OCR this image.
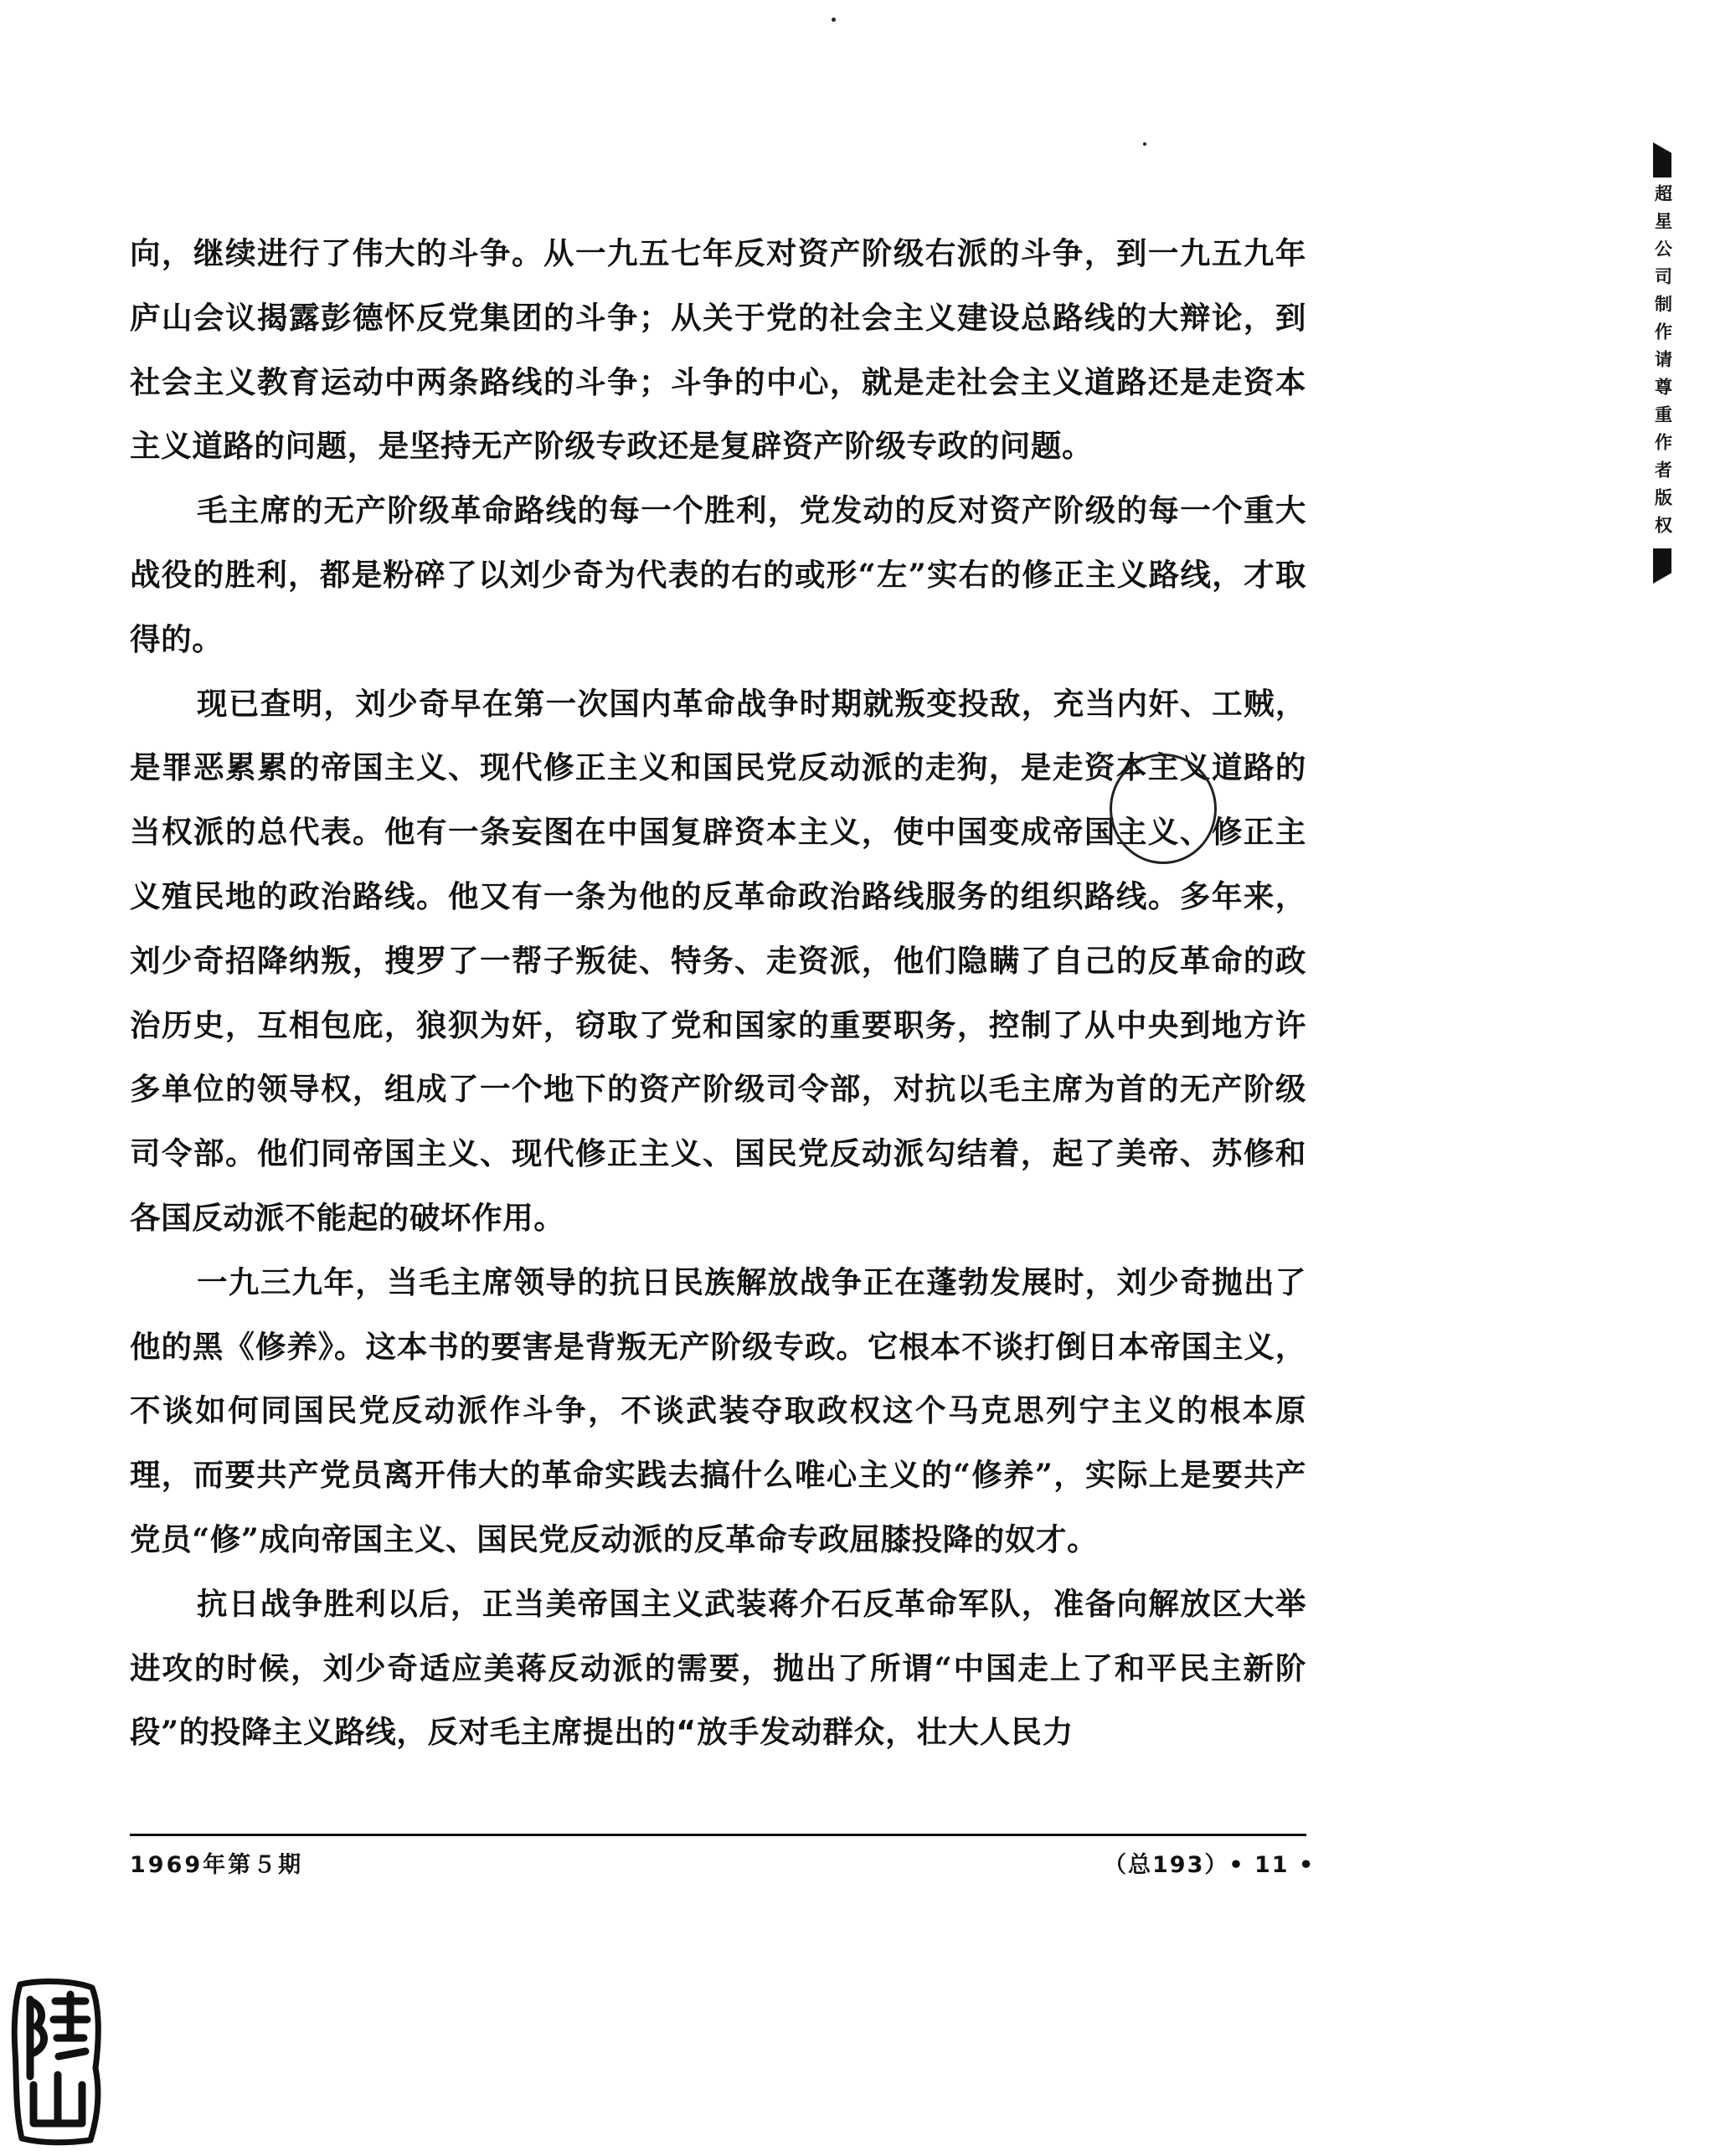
向，继续进行了伟大的斗争。从一九五七年反对资产阶级右派的斗争，到一九五九年庐山会议揭露彭德怀反党集团的斗争；从关于党的社会主义建设总路线的大辩论，到社会主义教育运动中两条路线的斗争；斗争的中心，就是走社会主义道路还是走资本主义道路的问题，是坚持无产阶级专政还是复辟资产阶级专政的问题。

毛主席的无产阶级革命路线的每一个胜利，党发动的反对资产阶级的每一个重大战役的胜利，都是粉碎了以刘少奇为代表的右的或形“左”实右的修正主义路线，才取得的。

现已查明，刘少奇早在第一次国内革命战争时期就叛变投敌，充当内奸、工贼，是罪恶累累的帝国主义、现代修正主义和国民党反动派的走狗，是走资本主义道路的当权派的总代表。他有一条妄图在中国复辟资本主义，使中国变成帝国主义、修正主义殖民地的政治路线。他又有一条为他的反革命政治路线服务的组织路线。多年来，刘少奇招降纳叛，搜罗了一帮子叛徒、特务、走资派，他们隐瞒了自己的反革命的政治历史，互相包庇，狼狈为奸，窃取了党和国家的重要职务，控制了从中央到地方许多单位的领导权，组成了一个地下的资产阶级司令部，对抗以毛主席为首的无产阶级司令部。他们同帝国主义、现代修正主义、国民党反动派勾结着，起了美帝、苏修和各国反动派不能起的破坏作用。

一九三九年，当毛主席领导的抗日民族解放战争正在蓬勃发展时，刘少奇抛出了他的黑《修养》。这本书的要害是背叛无产阶级专政。它根本不谈打倒日本帝国主义，不谈如何同国民党反动派作斗争，不谈武装夺取政权这个马克思列宁主义的根本原理，而要共产党员离开伟大的革命实践去搞什么唯心主义的“修养”，实际上是要共产党员“修”成向帝国主义、国民党反动派的反革命专政屈膝投降的奴才。

抗日战争胜利以后，正当美帝国主义武装蒋介石反革命军队，准备向解放区大举进攻的时候，刘少奇适应美蒋反动派的需要，抛出了所谓“中国走上了和平民主新阶段”的投降主义路线，反对毛主席提出的“放手发动群众，壮大人民力

1969年第５期	（总193）• 11 •
超星公司制作请尊重作者版权
